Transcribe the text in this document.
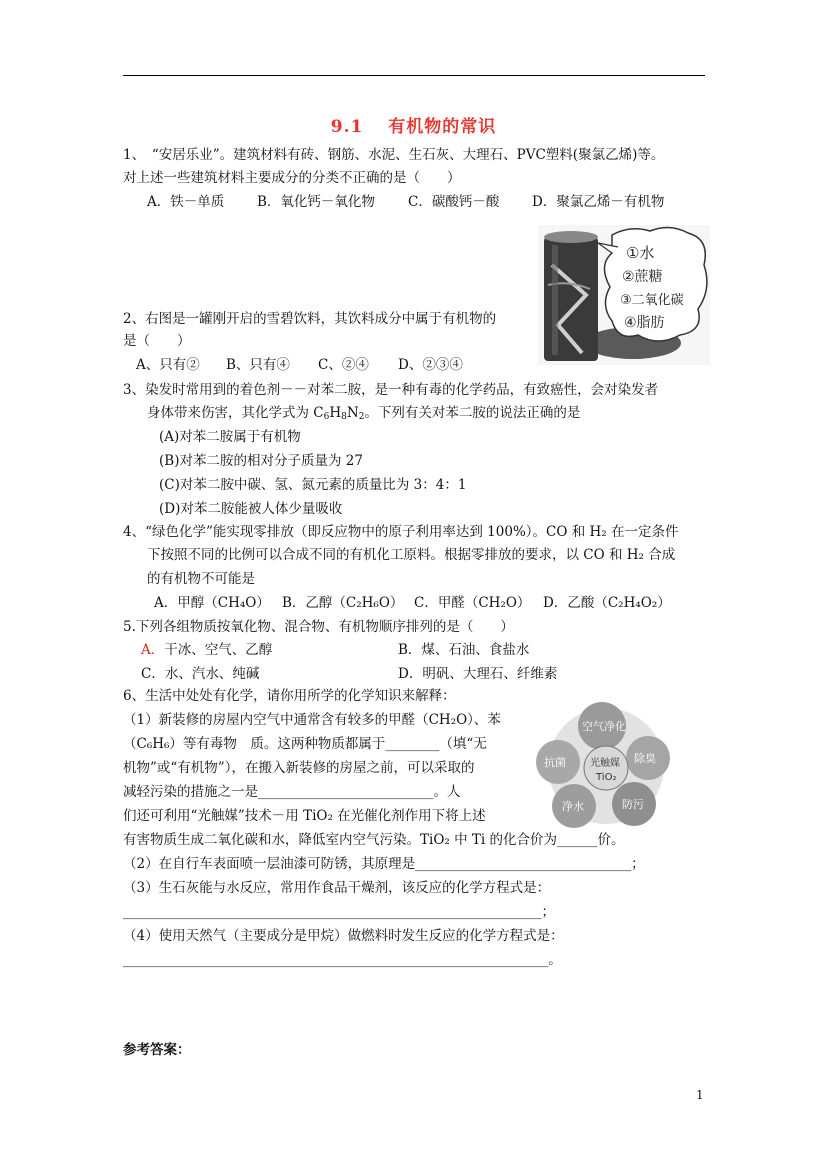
9.1　 有机物的常识
1、　“安居乐业”。建筑材料有砖、钢筋、水泥、生石灰、大理石、PVC塑料(聚氯乙烯)等。
对上述一些建筑材料主要成分的分类不正确的是（　　）
A．铁－单质 B．氧化钙－氧化物 C．碳酸钙－酸 D．聚氯乙烯－有机物
①水
②蔗糖
③二氧化碳
④脂肪
2、右图是一罐刚开启的雪碧饮料，其饮料成分中属于有机物的
是（　　）
A、只有② B、只有④ C、②④ D、②③④
3、染发时常用到的着色剂－－对苯二胺，是一种有毒的化学药品，有致癌性，会对染发者
身体带来伤害，其化学式为 $C_6H_8N_2$。下列有关对苯二胺的说法正确的是
(A)对苯二胺属于有机物
(B)对苯二胺的相对分子质量为 27
(C)对苯二胺中碳、氢、氮元素的质量比为 3：4：1
(D)对苯二胺能被人体少量吸收
4、“绿色化学”能实现零排放（即反应物中的原子利用率达到 100%）。CO 和 H₂ 在一定条件
下按照不同的比例可以合成不同的有机化工原料。根据零排放的要求，以 CO 和 H₂ 合成
的有机物不可能是
A．甲醇（CH₄O） B．乙醇（C₂H₆O） C．甲醛（CH₂O） D．乙酸（C₂H₄O₂）
5.下列各组物质按氧化物、混合物、有机物顺序排列的是（　　）
A．干冰、空气、乙醇	B．煤、石油、食盐水
C．水、汽水、纯碱	D．明矾、大理石、纤维素
6、生活中处处有化学，请你用所学的化学知识来解释：
空气净化
除臭
防污
净水
抗菌 光触媒
TiO₂
（1）新装修的房屋内空气中通常含有较多的甲醛（CH₂O）、苯
（C₆H₆）等有毒物　质。这两种物质都属于________（填“无
机物”或“有机物”），在搬入新装修的房屋之前，可以采取的
减轻污染的措施之一是__________________________。人
们还可利用“光触媒”技术－用 TiO₂ 在光催化剂作用下将上述
有害物质生成二氧化碳和水，降低室内空气污染。TiO₂ 中 Ti 的化合价为______价。
（2）在自行车表面喷一层油漆可防锈，其原理是________________________________；
（3）生石灰能与水反应，常用作食品干燥剂，该反应的化学方程式是：
______________________________________________________________；
（4）使用天然气（主要成分是甲烷）做燃料时发生反应的化学方程式是：
_______________________________________________________________。
参考答案：
1
